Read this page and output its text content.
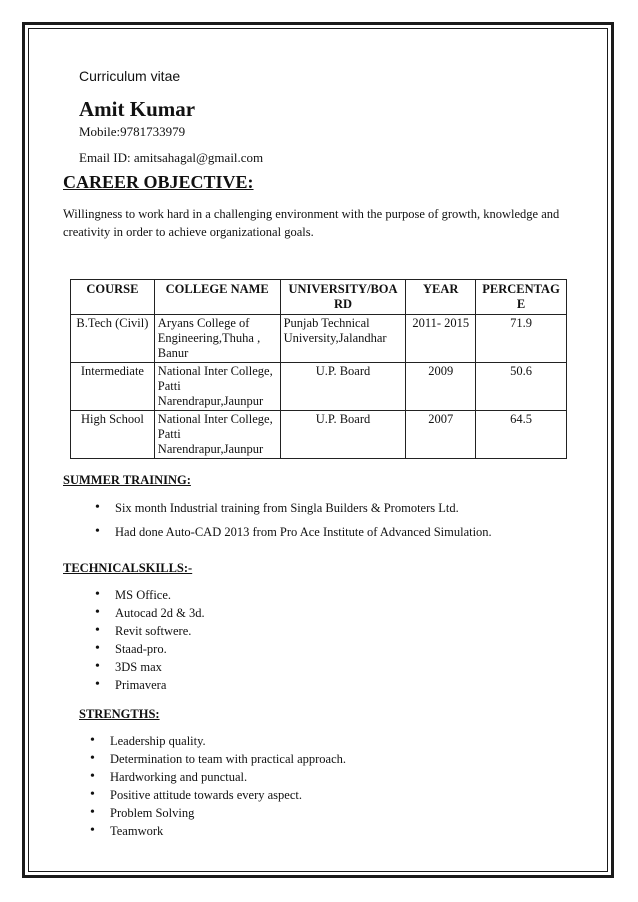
Curriculum vitae
Amit Kumar
Mobile:9781733979
Email ID: amitsahagal@gmail.com
CAREER OBJECTIVE:
Willingness to work hard in a challenging environment with the purpose of growth, knowledge and creativity in order to achieve organizational goals.
COURSE	COLLEGE NAME	UNIVERSITY/BOA RD	YEAR	PERCENTAG E
B.Tech (Civil)	Aryans College of Engineering,Thuha , Banur	Punjab Technical University,Jalandhar	2011- 2015	71.9
Intermediate	National Inter College, Patti Narendrapur,Jaunpur	U.P. Board	2009	50.6
High School	National Inter College, Patti Narendrapur,Jaunpur	U.P. Board	2007	64.5
SUMMER TRAINING:
• Six month Industrial training from Singla Builders & Promoters Ltd.
• Had done Auto-CAD 2013 from Pro Ace Institute of Advanced Simulation.
TECHNICALSKILLS:-
• MS Office.
• Autocad 2d & 3d.
• Revit softwere.
• Staad-pro.
• 3DS max
• Primavera
STRENGTHS:
• Leadership quality.
• Determination to team with practical approach.
• Hardworking and punctual.
• Positive attitude towards every aspect.
• Problem Solving
• Teamwork
